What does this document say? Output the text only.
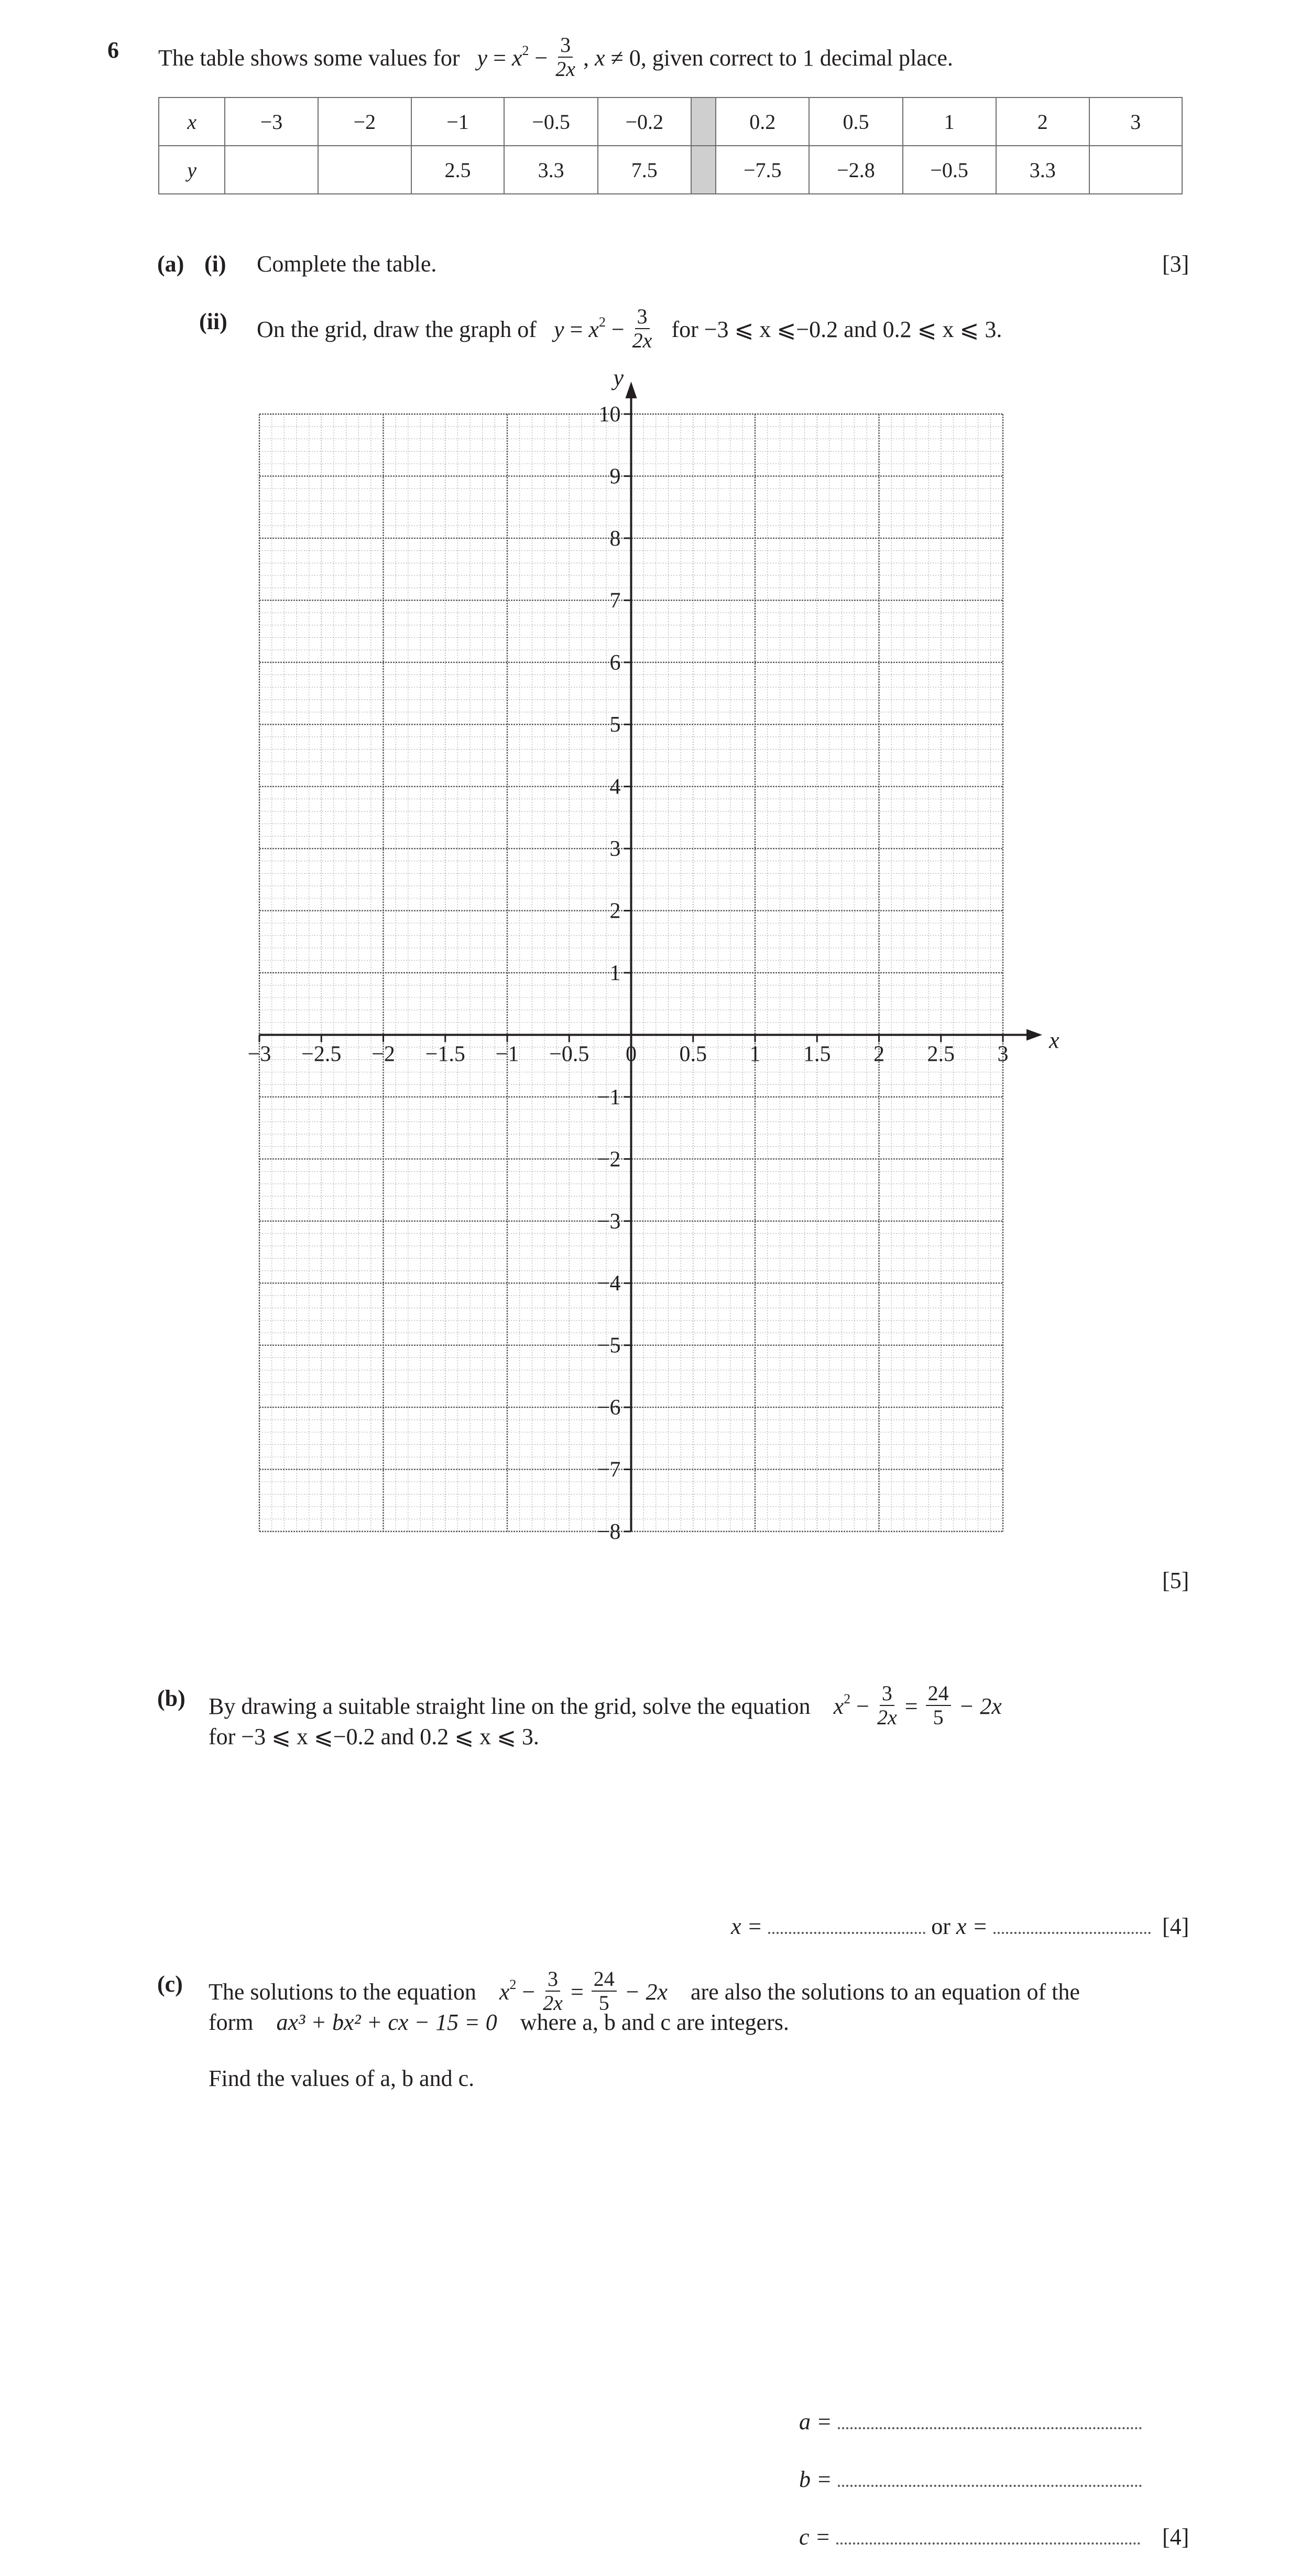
6 The table shows some values for $y = x^2 - \frac{3}{2x}$ , x ≠ 0, given correct to 1 decimal place.
x	−3	−2	−1	−0.5	−0.2		0.2	0.5	1	2	3
y			2.5	3.3	7.5		−7.5	−2.8	−0.5	3.3	
(a) (i) Complete the table.	[3]
(ii) On the grid, draw the graph of $y = x^2 - \frac{3}{2x}$ for −3 ⩽ x ⩽−0.2 and 0.2 ⩽ x ⩽ 3.
−3 −2.5 −2 −1.5 −1 −0.5 0 0.5 1 1.5 2 2.5 3
10
9
8
7
6
5
4
3
2
1
−1
−2
−3
−4
−5
−6
−7
−8
x
y
[5]
(b) By drawing a suitable straight line on the grid, solve the equation $x^2 - \frac{3}{2x} = \frac{24}{5} - 2x$
for −3 ⩽ x ⩽−0.2 and 0.2 ⩽ x ⩽ 3.
x =	or x =	[4]
(c) The solutions to the equation $x^2 - \frac{3}{2x} = \frac{24}{5} - 2x$ are also the solutions to an equation of the
form ax³ + bx² + cx − 15 = 0 where a, b and c are integers.
Find the values of a, b and c.
a =
b =
c =	[4]
